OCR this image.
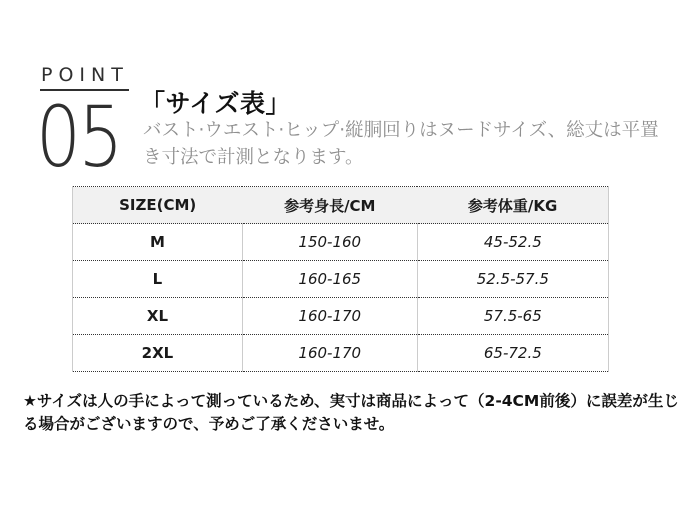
POINT
05 「サイズ表」
バスト·ウエスト·ヒップ·縦胴回りはヌードサイズ、総丈は平置
き寸法で計測となります。
SIZE(CM)	参考身長/CM	参考体重/KG
M	150-160	45-52.5
L	160-165	52.5-57.5
XL	160-170	57.5-65
2XL	160-170	65-72.5
★サイズは人の手によって測っているため、実寸は商品によって（2-4CM前後）に誤差が生じ
る場合がございますので、予めご了承くださいませ。
